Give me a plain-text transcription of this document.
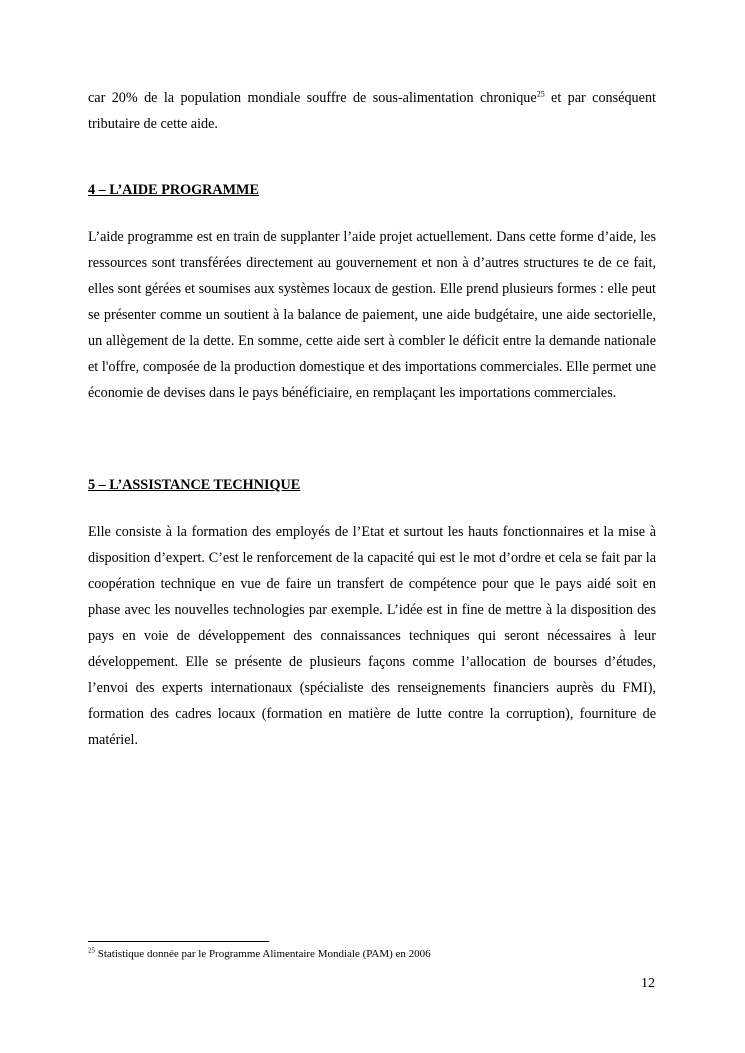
car 20% de la population mondiale souffre de sous-alimentation chronique$^{25}$ et par conséquent tributaire de cette aide.

4 – L’AIDE PROGRAMME

L’aide programme est en train de supplanter l’aide projet actuellement. Dans cette forme d’aide, les ressources sont transférées directement au gouvernement et non à d’autres structures te de ce fait, elles sont gérées et soumises aux systèmes locaux de gestion. Elle prend plusieurs formes : elle peut se présenter comme un soutient à la balance de paiement, une aide budgétaire, une aide sectorielle, un allègement de la dette. En somme, cette aide sert à combler le déficit entre la demande nationale et l'offre, composée de la production domestique et des importations commerciales. Elle permet une économie de devises dans le pays bénéficiaire, en remplaçant les importations commerciales.

5 – L’ASSISTANCE TECHNIQUE

Elle consiste à la formation des employés de l’Etat et surtout les hauts fonctionnaires et la mise à disposition d’expert. C’est le renforcement de la capacité qui est le mot d’ordre et cela se fait par la coopération technique en vue de faire un transfert de compétence pour que le pays aidé soit en phase avec les nouvelles technologies par exemple. L’idée est in fine de mettre à la disposition des pays en voie de développement des connaissances techniques qui seront nécessaires à leur développement. Elle se présente de plusieurs façons comme l’allocation de bourses d’études, l’envoi des experts internationaux (spécialiste des renseignements financiers auprès du FMI), formation des cadres locaux (formation en matière de lutte contre la corruption), fourniture de matériel.

$^{25}$ Statistique donnée par le Programme Alimentaire Mondiale (PAM) en 2006

12
